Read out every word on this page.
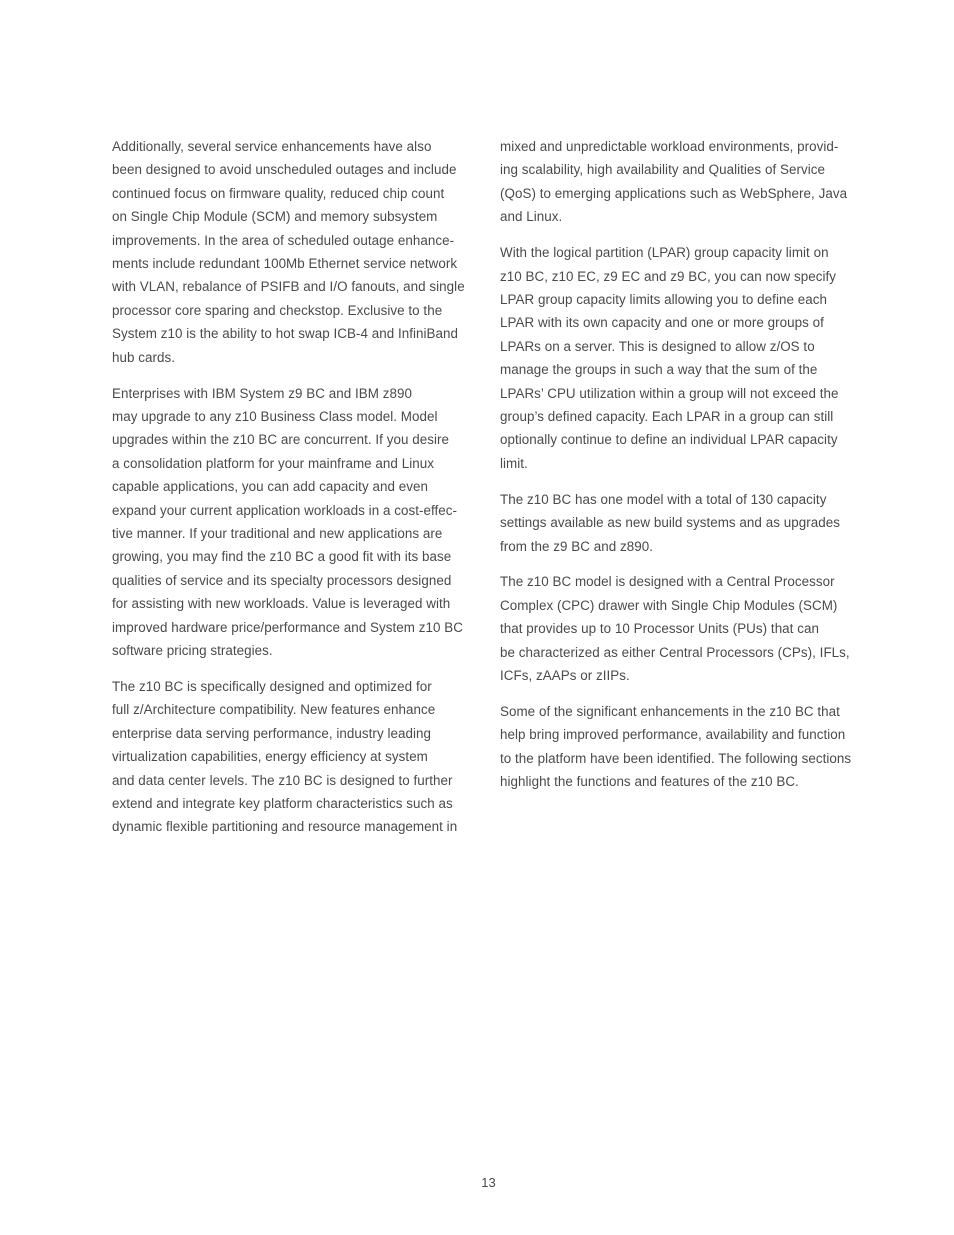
Additionally, several service enhancements have also
been designed to avoid unscheduled outages and include
continued focus on firmware quality, reduced chip count
on Single Chip Module (SCM) and memory subsystem
improvements. In the area of scheduled outage enhance-
ments include redundant 100Mb Ethernet service network
with VLAN, rebalance of PSIFB and I/O fanouts, and single
processor core sparing and checkstop. Exclusive to the
System z10 is the ability to hot swap ICB-4 and InfiniBand
hub cards.

Enterprises with IBM System z9 BC and IBM z890
may upgrade to any z10 Business Class model. Model
upgrades within the z10 BC are concurrent. If you desire
a consolidation platform for your mainframe and Linux
capable applications, you can add capacity and even
expand your current application workloads in a cost-effec-
tive manner. If your traditional and new applications are
growing, you may find the z10 BC a good fit with its base
qualities of service and its specialty processors designed
for assisting with new workloads. Value is leveraged with
improved hardware price/performance and System z10 BC
software pricing strategies.

The z10 BC is specifically designed and optimized for
full z/Architecture compatibility. New features enhance
enterprise data serving performance, industry leading
virtualization capabilities, energy efficiency at system
and data center levels. The z10 BC is designed to further
extend and integrate key platform characteristics such as
dynamic flexible partitioning and resource management in

mixed and unpredictable workload environments, provid-
ing scalability, high availability and Qualities of Service
(QoS) to emerging applications such as WebSphere, Java
and Linux.

With the logical partition (LPAR) group capacity limit on
z10 BC, z10 EC, z9 EC and z9 BC, you can now specify
LPAR group capacity limits allowing you to define each
LPAR with its own capacity and one or more groups of
LPARs on a server. This is designed to allow z/OS to
manage the groups in such a way that the sum of the
LPARs’ CPU utilization within a group will not exceed the
group’s defined capacity. Each LPAR in a group can still
optionally continue to define an individual LPAR capacity
limit.

The z10 BC has one model with a total of 130 capacity
settings available as new build systems and as upgrades
from the z9 BC and z890.

The z10 BC model is designed with a Central Processor
Complex (CPC) drawer with Single Chip Modules (SCM)
that provides up to 10 Processor Units (PUs) that can
be characterized as either Central Processors (CPs), IFLs,
ICFs, zAAPs or zIIPs.

Some of the significant enhancements in the z10 BC that
help bring improved performance, availability and function
to the platform have been identified. The following sections
highlight the functions and features of the z10 BC.

13
